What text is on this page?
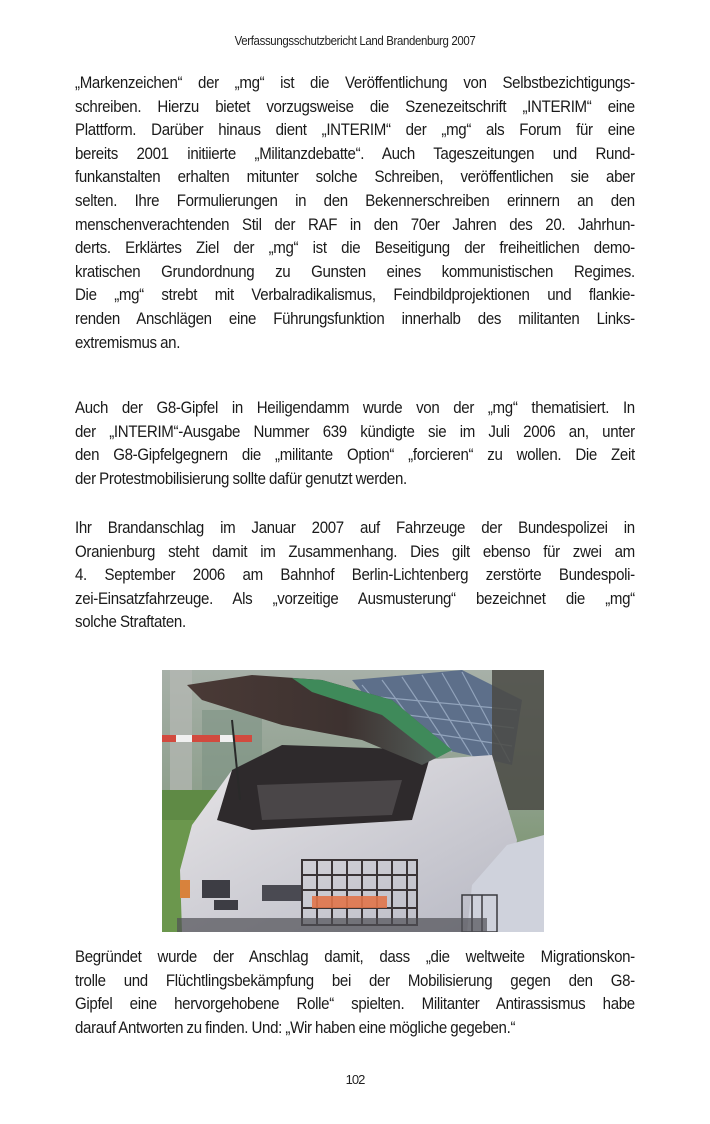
Verfassungsschutzbericht Land Brandenburg 2007
„Markenzeichen“ der „mg“ ist die Veröffentlichung von Selbstbezichtigungs-
schreiben. Hierzu bietet vorzugsweise die Szenezeitschrift „INTERIM“ eine
Plattform. Darüber hinaus dient „INTERIM“ der „mg“ als Forum für eine
bereits 2001 initiierte „Militanzdebatte“. Auch Tageszeitungen und Rund-
funkanstalten erhalten mitunter solche Schreiben, veröffentlichen sie aber
selten. Ihre Formulierungen in den Bekennerschreiben erinnern an den
menschenverachtenden Stil der RAF in den 70er Jahren des 20. Jahrhun-
derts. Erklärtes Ziel der „mg“ ist die Beseitigung der freiheitlichen demo-
kratischen Grundordnung zu Gunsten eines kommunistischen Regimes.
Die „mg“ strebt mit Verbalradikalismus, Feindbildprojektionen und flankie-
renden Anschlägen eine Führungsfunktion innerhalb des militanten Links-
extremismus an.
Auch der G8-Gipfel in Heiligendamm wurde von der „mg“ thematisiert. In
der „INTERIM“-Ausgabe Nummer 639 kündigte sie im Juli 2006 an, unter
den G8-Gipfelgegnern die „militante Option“ „forcieren“ zu wollen. Die Zeit
der Protestmobilisierung sollte dafür genutzt werden.
Ihr Brandanschlag im Januar 2007 auf Fahrzeuge der Bundespolizei in
Oranienburg steht damit im Zusammenhang. Dies gilt ebenso für zwei am
4. September 2006 am Bahnhof Berlin-Lichtenberg zerstörte Bundespoli-
zei-Einsatzfahrzeuge. Als „vorzeitige Ausmusterung“ bezeichnet die „mg“
solche Straftaten.
Begründet wurde der Anschlag damit, dass „die weltweite Migrationskon-
trolle und Flüchtlingsbekämpfung bei der Mobilisierung gegen den G8-
Gipfel eine hervorgehobene Rolle“ spielten. Militanter Antirassismus habe
darauf Antworten zu finden. Und: „Wir haben eine mögliche gegeben.“
102
